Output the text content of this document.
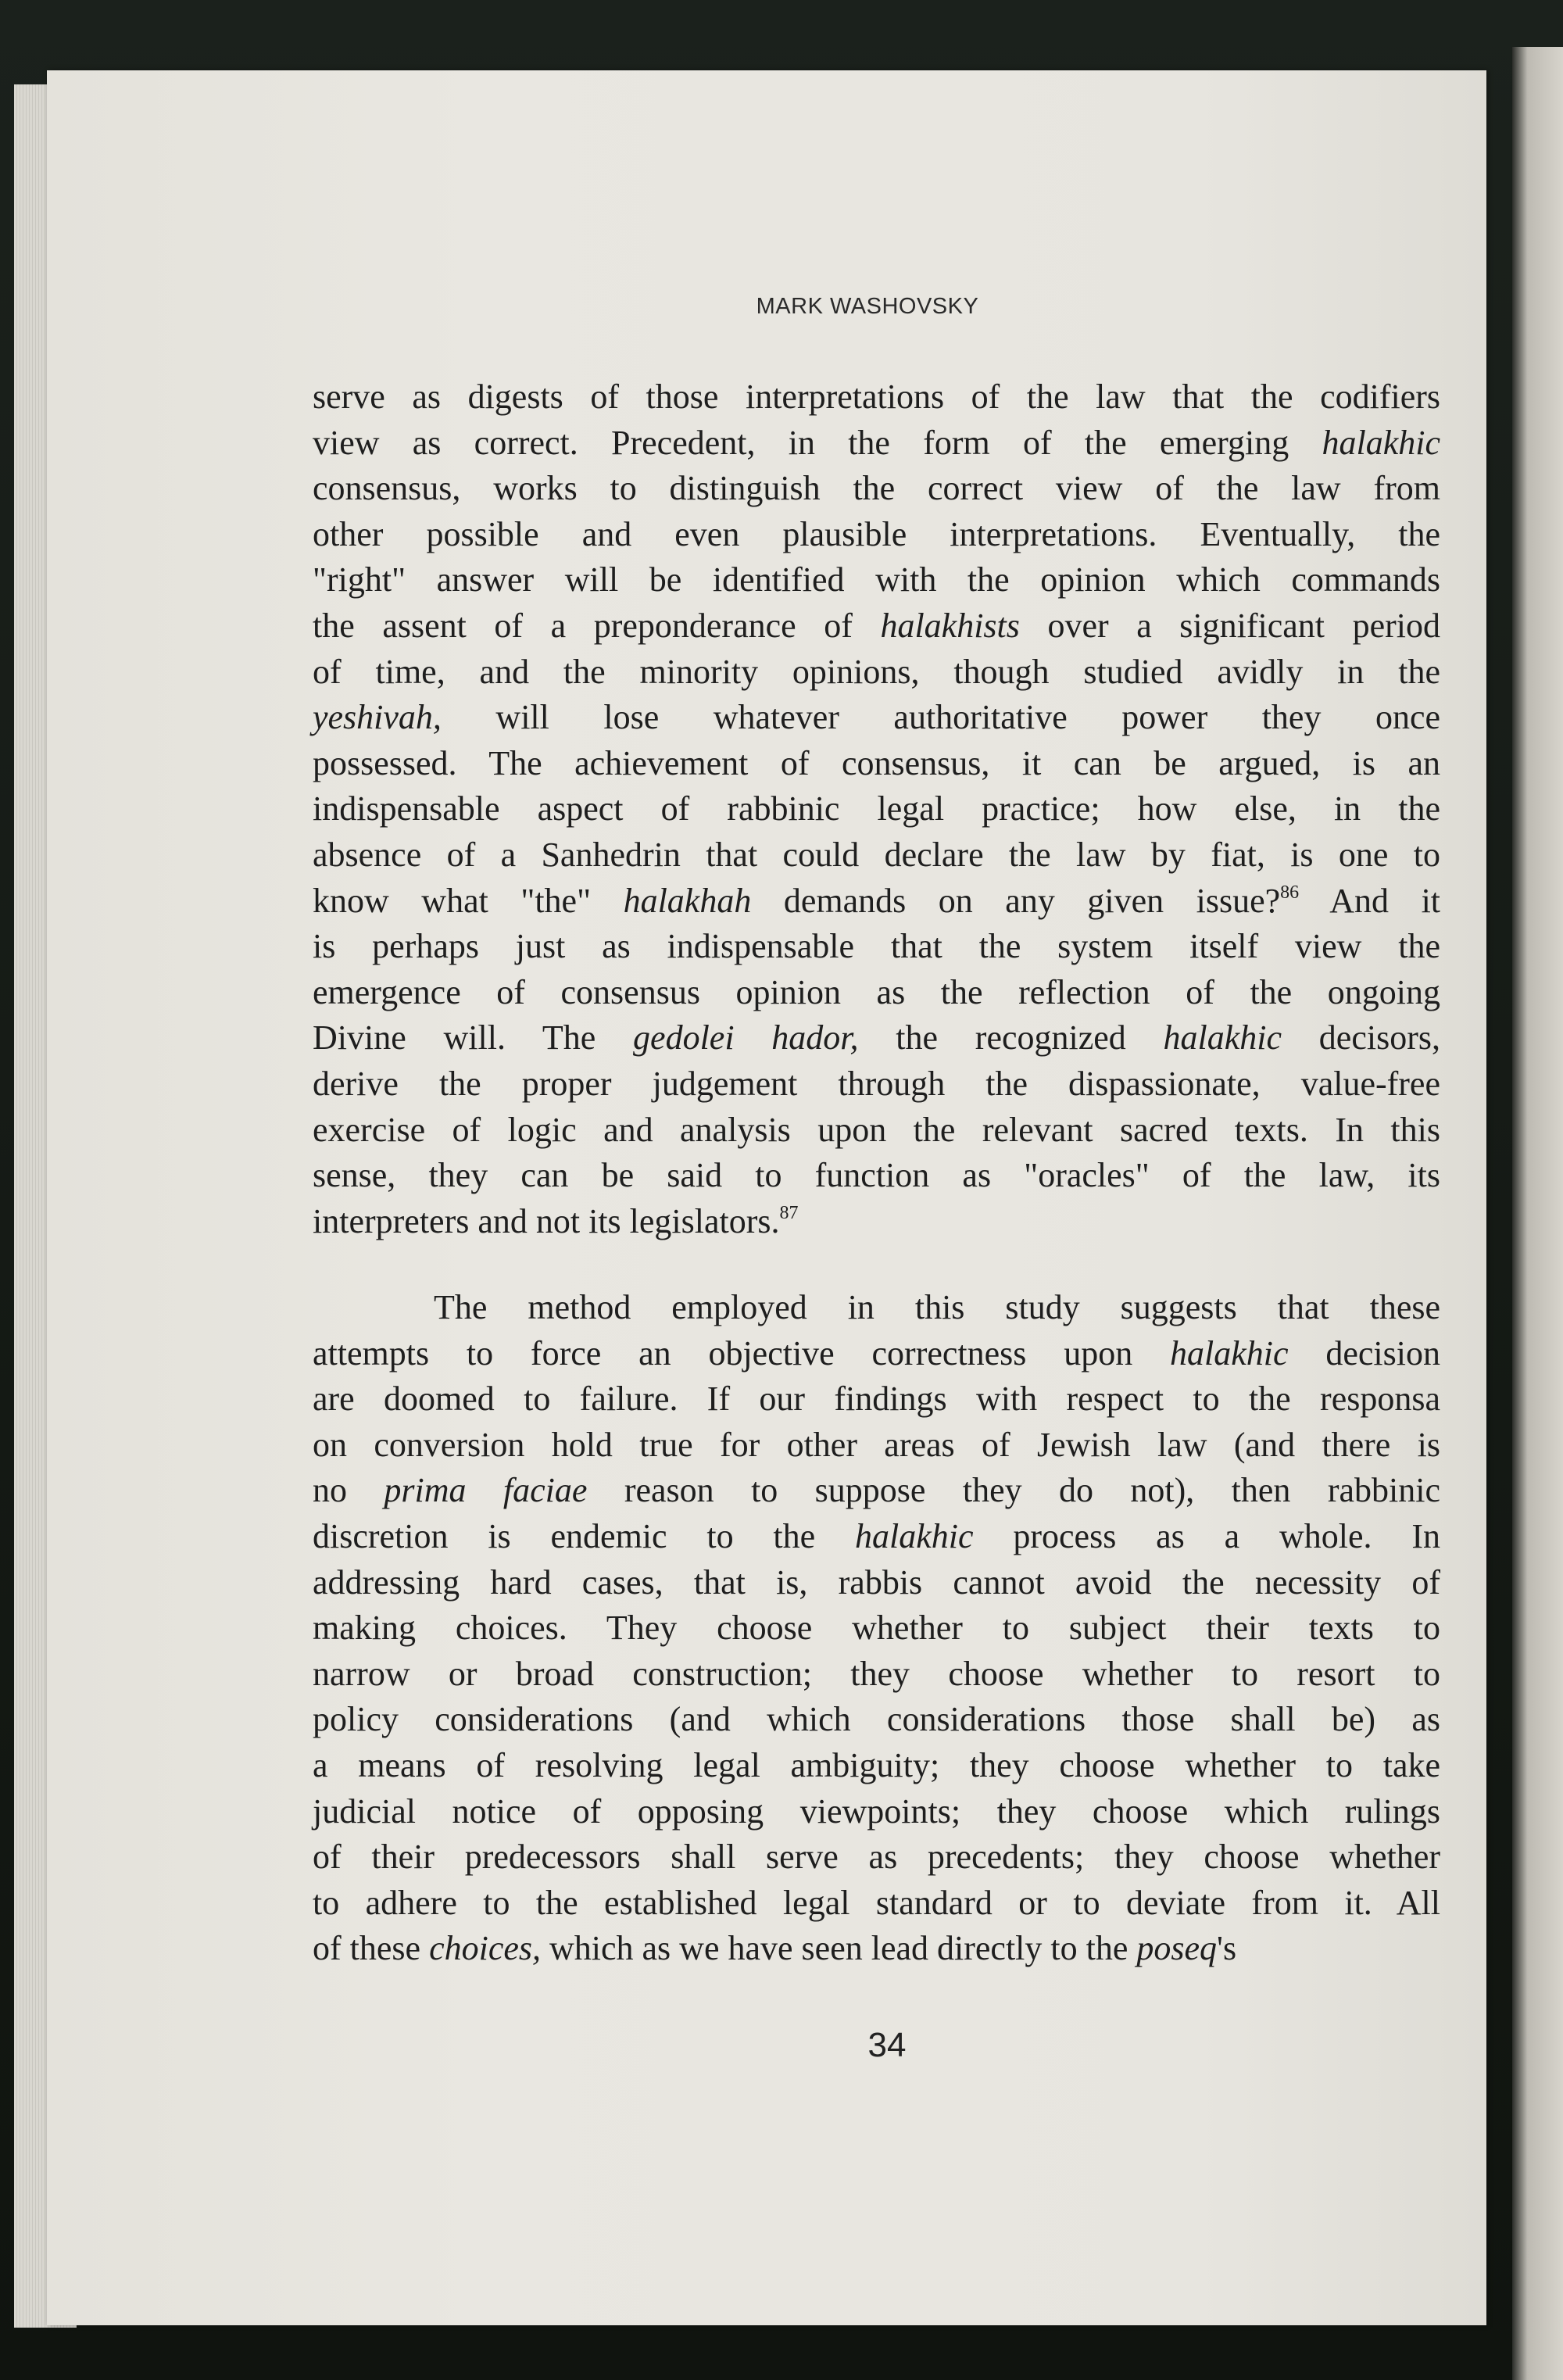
MARK WASHOVSKY
serve as digests of those interpretations of the law that the codifiers
view as correct. Precedent, in the form of the emerging halakhic
consensus, works to distinguish the correct view of the law from
other possible and even plausible interpretations. Eventually, the
"right" answer will be identified with the opinion which commands
the assent of a preponderance of halakhists over a significant period
of time, and the minority opinions, though studied avidly in the
yeshivah, will lose whatever authoritative power they once
possessed. The achievement of consensus, it can be argued, is an
indispensable aspect of rabbinic legal practice; how else, in the
absence of a Sanhedrin that could declare the law by fiat, is one to
know what "the" halakhah demands on any given issue?$^{86}$ And it
is perhaps just as indispensable that the system itself view the
emergence of consensus opinion as the reflection of the ongoing
Divine will. The gedolei hador, the recognized halakhic decisors,
derive the proper judgement through the dispassionate, value-free
exercise of logic and analysis upon the relevant sacred texts. In this
sense, they can be said to function as "oracles" of the law, its
interpreters and not its legislators.$^{87}$
The method employed in this study suggests that these
attempts to force an objective correctness upon halakhic decision
are doomed to failure. If our findings with respect to the responsa
on conversion hold true for other areas of Jewish law (and there is
no prima faciae reason to suppose they do not), then rabbinic
discretion is endemic to the halakhic process as a whole. In
addressing hard cases, that is, rabbis cannot avoid the necessity of
making choices. They choose whether to subject their texts to
narrow or broad construction; they choose whether to resort to
policy considerations (and which considerations those shall be) as
a means of resolving legal ambiguity; they choose whether to take
judicial notice of opposing viewpoints; they choose which rulings
of their predecessors shall serve as precedents; they choose whether
to adhere to the established legal standard or to deviate from it. All
of these choices, which as we have seen lead directly to the poseq's
34
